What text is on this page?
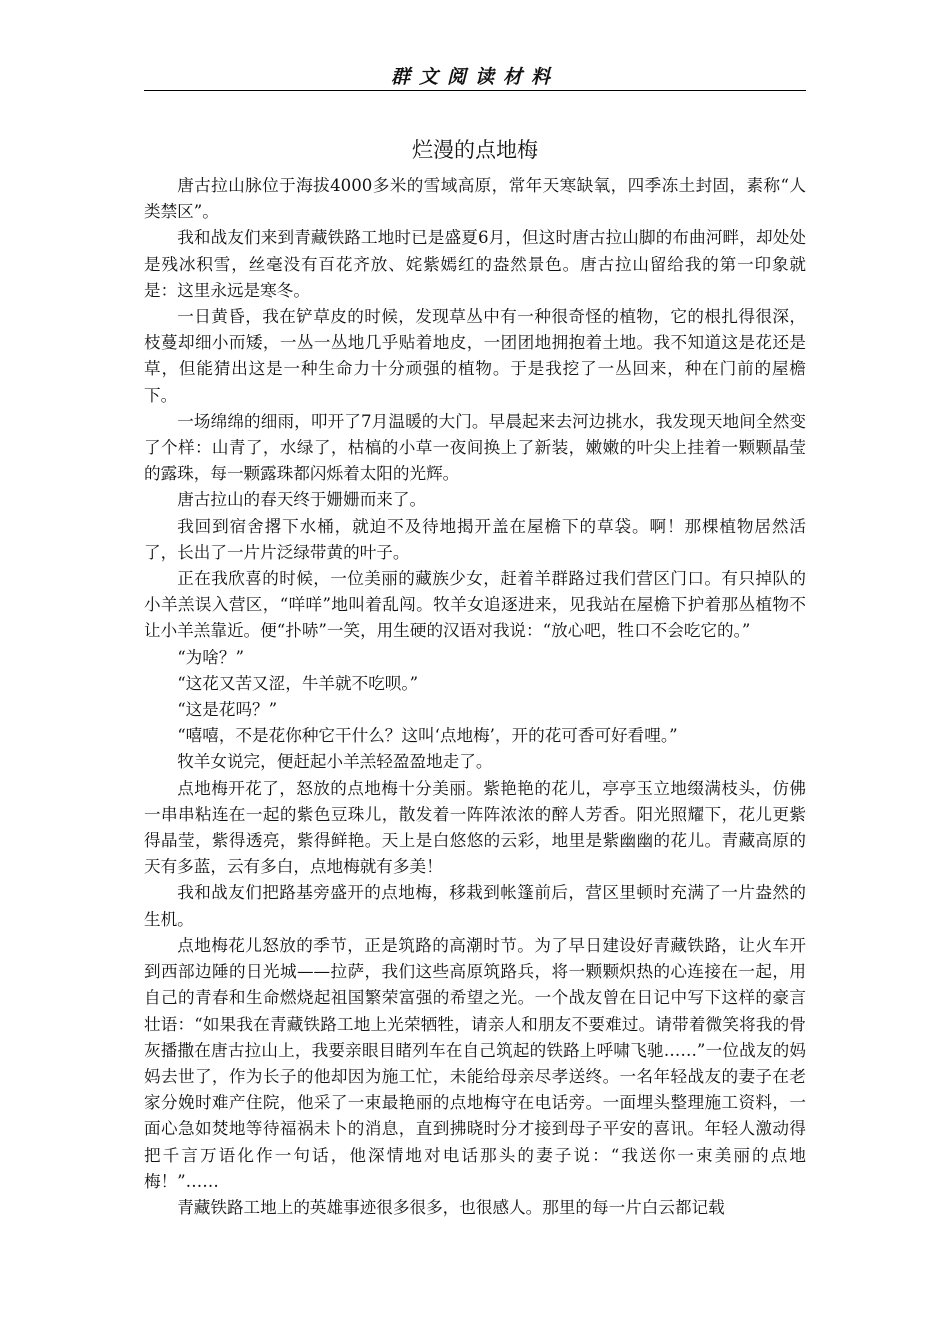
群文阅读材料
烂漫的点地梅

唐古拉山脉位于海拔4000多米的雪域高原，常年天寒缺氧，四季冻土封固，素称“人类禁区”。

我和战友们来到青藏铁路工地时已是盛夏6月，但这时唐古拉山脚的布曲河畔，却处处是残冰积雪，丝毫没有百花齐放、姹紫嫣红的盎然景色。唐古拉山留给我的第一印象就是：这里永远是寒冬。

一日黄昏，我在铲草皮的时候，发现草丛中有一种很奇怪的植物，它的根扎得很深，枝蔓却细小而矮，一丛一丛地几乎贴着地皮，一团团地拥抱着土地。我不知道这是花还是草，但能猜出这是一种生命力十分顽强的植物。于是我挖了一丛回来，种在门前的屋檐下。

一场绵绵的细雨，叩开了7月温暖的大门。早晨起来去河边挑水，我发现天地间全然变了个样：山青了，水绿了，枯槁的小草一夜间换上了新装，嫩嫩的叶尖上挂着一颗颗晶莹的露珠，每一颗露珠都闪烁着太阳的光辉。

唐古拉山的春天终于姗姗而来了。

我回到宿舍撂下水桶，就迫不及待地揭开盖在屋檐下的草袋。啊！那棵植物居然活了，长出了一片片泛绿带黄的叶子。

正在我欣喜的时候，一位美丽的藏族少女，赶着羊群路过我们营区门口。有只掉队的小羊羔误入营区，“咩咩”地叫着乱闯。牧羊女追逐进来，见我站在屋檐下护着那丛植物不让小羊羔靠近。便“扑哧”一笑，用生硬的汉语对我说：“放心吧，牲口不会吃它的。”

“为啥？”

“这花又苦又涩，牛羊就不吃呗。”

“这是花吗？”

“嘻嘻，不是花你种它干什么？这叫‘点地梅’，开的花可香可好看哩。”

牧羊女说完，便赶起小羊羔轻盈盈地走了。

点地梅开花了，怒放的点地梅十分美丽。紫艳艳的花儿，亭亭玉立地缀满枝头，仿佛一串串粘连在一起的紫色豆珠儿，散发着一阵阵浓浓的醉人芳香。阳光照耀下，花儿更紫得晶莹，紫得透亮，紫得鲜艳。天上是白悠悠的云彩，地里是紫幽幽的花儿。青藏高原的天有多蓝，云有多白，点地梅就有多美！

我和战友们把路基旁盛开的点地梅，移栽到帐篷前后，营区里顿时充满了一片盎然的生机。

点地梅花儿怒放的季节，正是筑路的高潮时节。为了早日建设好青藏铁路，让火车开到西部边陲的日光城——拉萨，我们这些高原筑路兵，将一颗颗炽热的心连接在一起，用自己的青春和生命燃烧起祖国繁荣富强的希望之光。一个战友曾在日记中写下这样的豪言壮语：“如果我在青藏铁路工地上光荣牺牲，请亲人和朋友不要难过。请带着微笑将我的骨灰播撒在唐古拉山上，我要亲眼目睹列车在自己筑起的铁路上呼啸飞驰……”一位战友的妈妈去世了，作为长子的他却因为施工忙，未能给母亲尽孝送终。一名年轻战友的妻子在老家分娩时难产住院，他采了一束最艳丽的点地梅守在电话旁。一面埋头整理施工资料，一面心急如焚地等待福祸未卜的消息，直到拂晓时分才接到母子平安的喜讯。年轻人激动得把千言万语化作一句话，他深情地对电话那头的妻子说：“我送你一束美丽的点地梅！”……

青藏铁路工地上的英雄事迹很多很多，也很感人。那里的每一片白云都记载
